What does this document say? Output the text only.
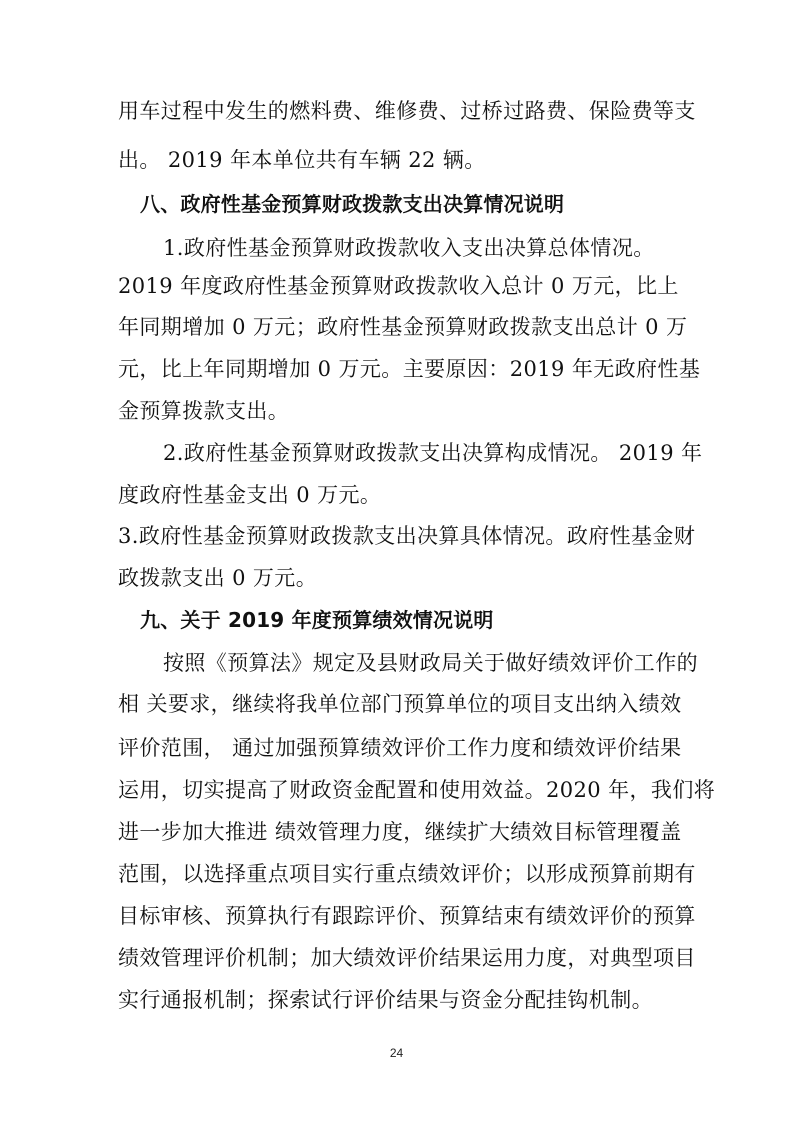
用车过程中发生的燃料费、维修费、过桥过路费、保险费等支
出。 2019 年本单位共有车辆 22 辆。
八、政府性基金预算财政拨款支出决算情况说明
1.政府性基金预算财政拨款收入支出决算总体情况。
2019 年度政府性基金预算财政拨款收入总计 0 万元，比上
年同期增加 0 万元；政府性基金预算财政拨款支出总计 0 万
元，比上年同期增加 0 万元。主要原因：2019 年无政府性基
金预算拨款支出。
2.政府性基金预算财政拨款支出决算构成情况。 2019 年
度政府性基金支出 0 万元。
3.政府性基金预算财政拨款支出决算具体情况。政府性基金财
政拨款支出 0 万元。
九、关于 2019 年度预算绩效情况说明
按照《预算法》规定及县财政局关于做好绩效评价工作的
相 关要求，继续将我单位部门预算单位的项目支出纳入绩效
评价范围， 通过加强预算绩效评价工作力度和绩效评价结果
运用，切实提高了财政资金配置和使用效益。2020 年，我们将
进一步加大推进 绩效管理力度，继续扩大绩效目标管理覆盖
范围，以选择重点项目实行重点绩效评价；以形成预算前期有
目标审核、预算执行有跟踪评价、预算结束有绩效评价的预算
绩效管理评价机制；加大绩效评价结果运用力度，对典型项目
实行通报机制；探索试行评价结果与资金分配挂钩机制。
24
